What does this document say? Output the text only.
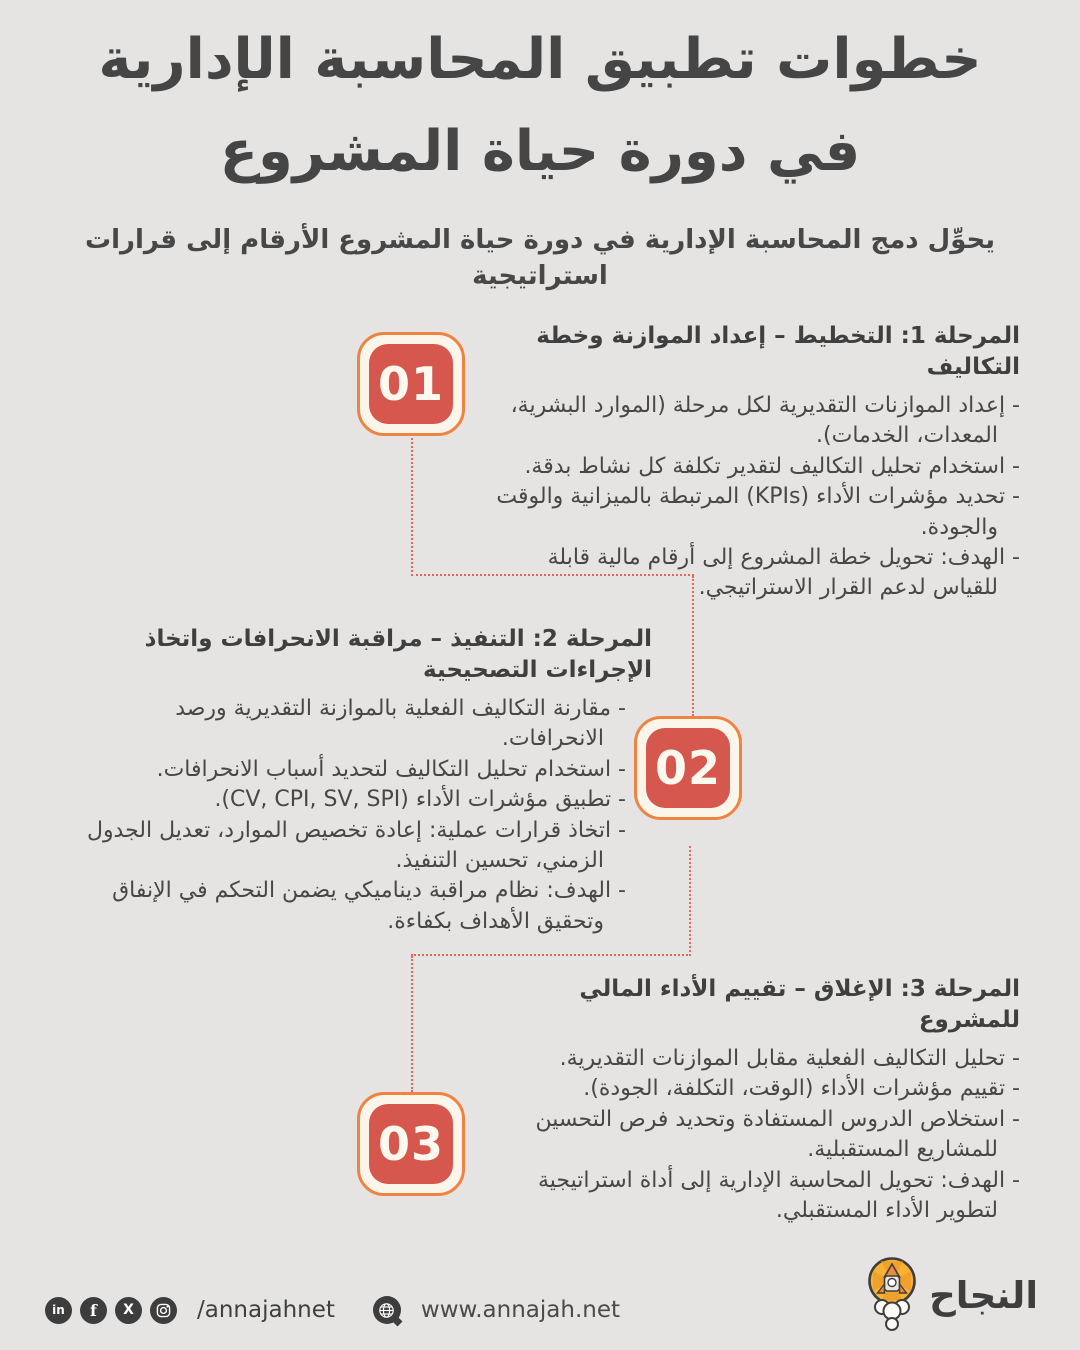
خطوات تطبيق المحاسبة الإدارية
في دورة حياة المشروع
يحوِّل دمج المحاسبة الإدارية في دورة حياة المشروع الأرقام إلى قرارات استراتيجية
01
02
03

المرحلة 1: التخطيط – إعداد الموازنة وخطة التكاليف

- إعداد الموازنات التقديرية لكل مرحلة (الموارد البشرية، المعدات، الخدمات).

- استخدام تحليل التكاليف لتقدير تكلفة كل نشاط بدقة.

- تحديد مؤشرات الأداء (KPIs) المرتبطة بالميزانية والوقت والجودة.

- الهدف: تحويل خطة المشروع إلى أرقام مالية قابلة للقياس لدعم القرار الاستراتيجي.

المرحلة 2: التنفيذ – مراقبة الانحرافات واتخاذ الإجراءات التصحيحية

- مقارنة التكاليف الفعلية بالموازنة التقديرية ورصد الانحرافات.

- استخدام تحليل التكاليف لتحديد أسباب الانحرافات.

- تطبيق مؤشرات الأداء (CV, CPI, SV, SPI).

- اتخاذ قرارات عملية: إعادة تخصيص الموارد، تعديل الجدول الزمني، تحسين التنفيذ.

- الهدف: نظام مراقبة ديناميكي يضمن التحكم في الإنفاق وتحقيق الأهداف بكفاءة.

المرحلة 3: الإغلاق – تقييم الأداء المالي للمشروع

- تحليل التكاليف الفعلية مقابل الموازنات التقديرية.

- تقييم مؤشرات الأداء (الوقت، التكلفة، الجودة).

- استخلاص الدروس المستفادة وتحديد فرص التحسين للمشاريع المستقبلية.

- الهدف: تحويل المحاسبة الإدارية إلى أداة استراتيجية لتطوير الأداء المستقبلي.

in f X	/annajahnet	www.annajah.net	النجاح
